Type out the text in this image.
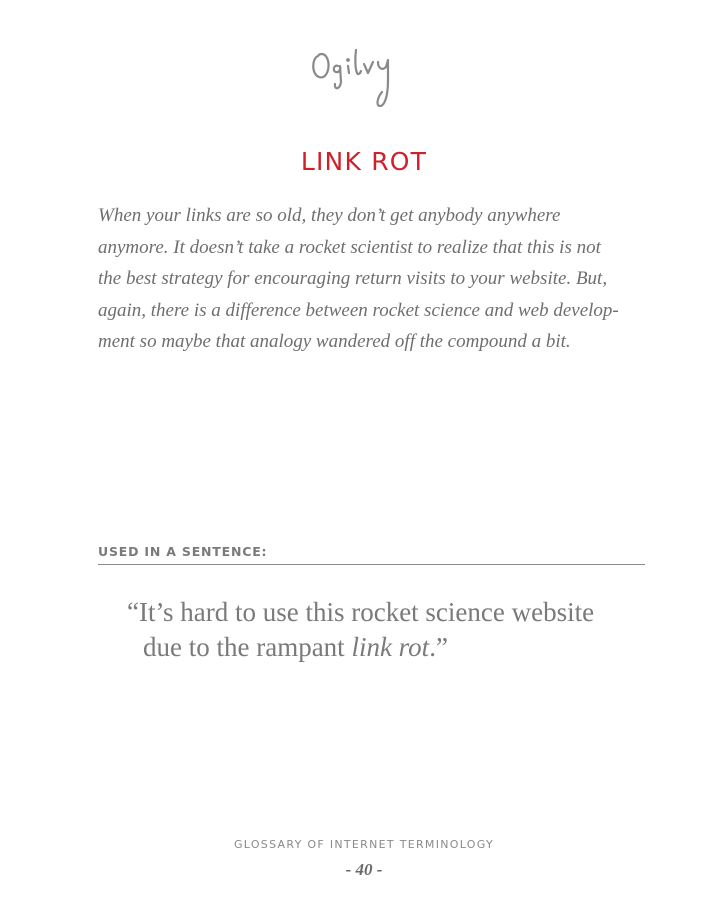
LINK ROT
When your links are so old, they don’t get anybody anywhere
anymore. It doesn’t take a rocket scientist to realize that this is not
the best strategy for encouraging return visits to your website. But,
again, there is a difference between rocket science and web develop-
ment so maybe that analogy wandered off the compound a bit.
USED IN A SENTENCE:
“It’s hard to use this rocket science website
due to the rampant link rot.”
GLOSSARY OF INTERNET TERMINOLOGY
- 40 -
